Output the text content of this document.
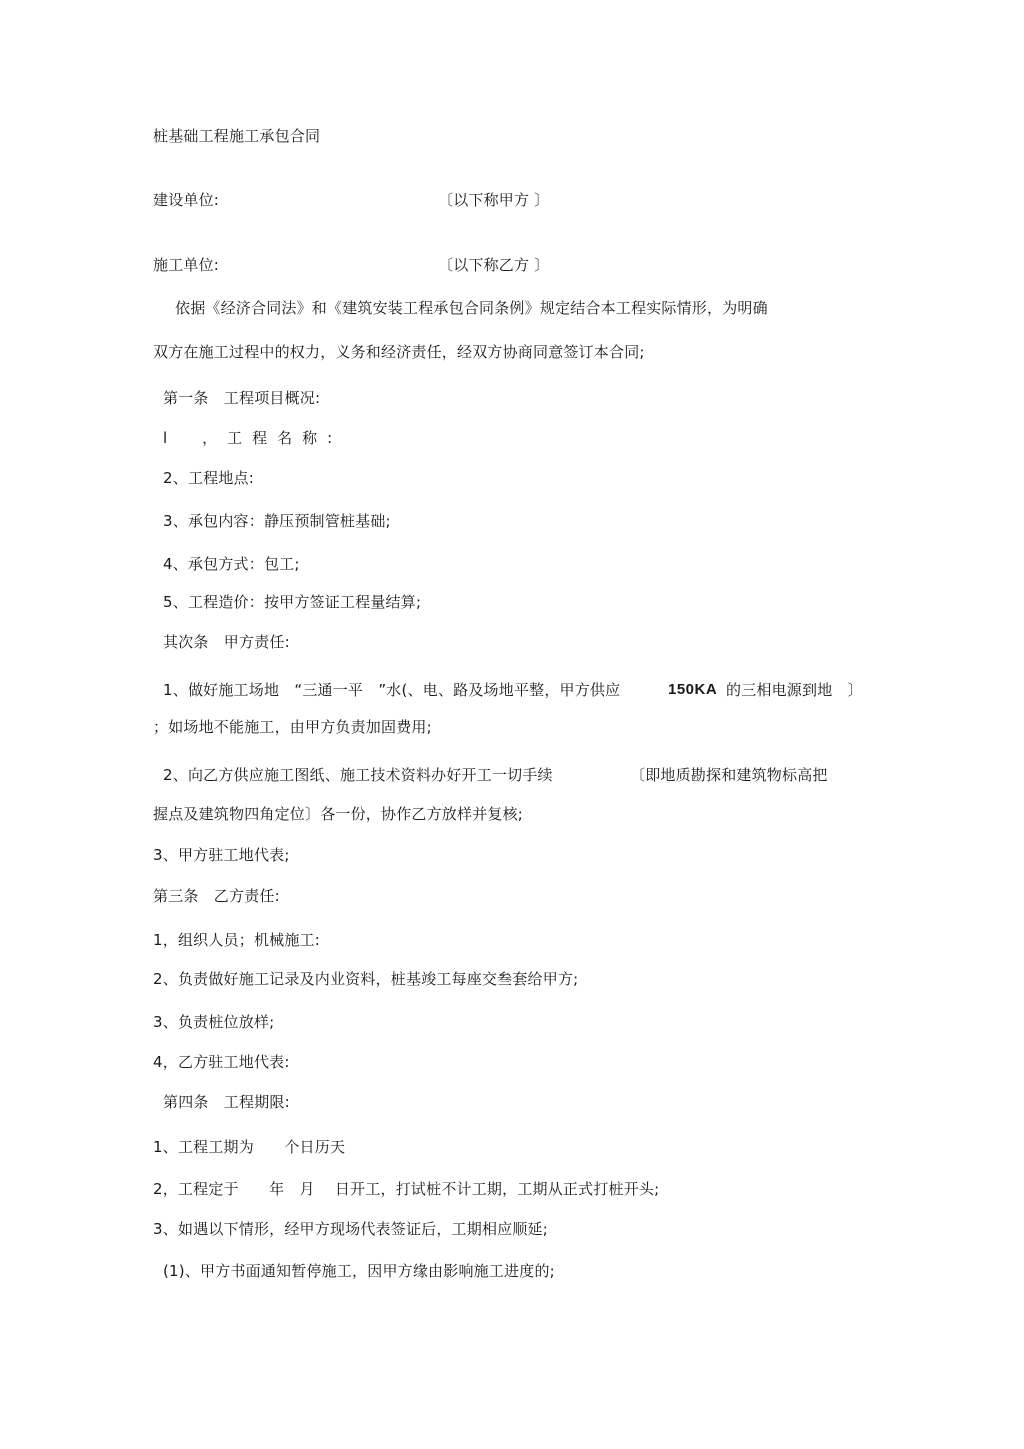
桩基础工程施工承包合同
建设单位:	〔以下称甲方 〕
施工单位:	〔以下称乙方 〕
依据《经济合同法》和《建筑安装工程承包合同条例》规定结合本工程实际情形，为明确
双方在施工过程中的权力，义务和经济责任，经双方协商同意签订本合同;
第一条　工程项目概况:
l　，工程名称:
2、工程地点:
3、承包内容：静压预制管桩基础;
4、承包方式：包工;
5、工程造价：按甲方签证工程量结算;
其次条　甲方责任:
1、做好施工场地　“三通一平　”水(、电、路及场地平整，甲方供应	150KA 的三相电源到地　〕
；如场地不能施工，由甲方负责加固费用;
2、向乙方供应施工图纸、施工技术资料办好开工一切手续	〔即地质勘探和建筑物标高把
握点及建筑物四角定位〕各一份，协作乙方放样并复核;
3、甲方驻工地代表;
第三条　乙方责任:
1，组织人员；机械施工:
2、负责做好施工记录及内业资料，桩基竣工每座交叁套给甲方;
3、负责桩位放样;
4，乙方驻工地代表:
第四条　工程期限:
1、工程工期为　　个日历天
2，工程定于　　年　月　 日开工，打试桩不计工期，工期从正式打桩开头;
3、如遇以下情形，经甲方现场代表签证后，工期相应顺延;
(1)、甲方书面通知暂停施工，因甲方缘由影响施工进度的;
